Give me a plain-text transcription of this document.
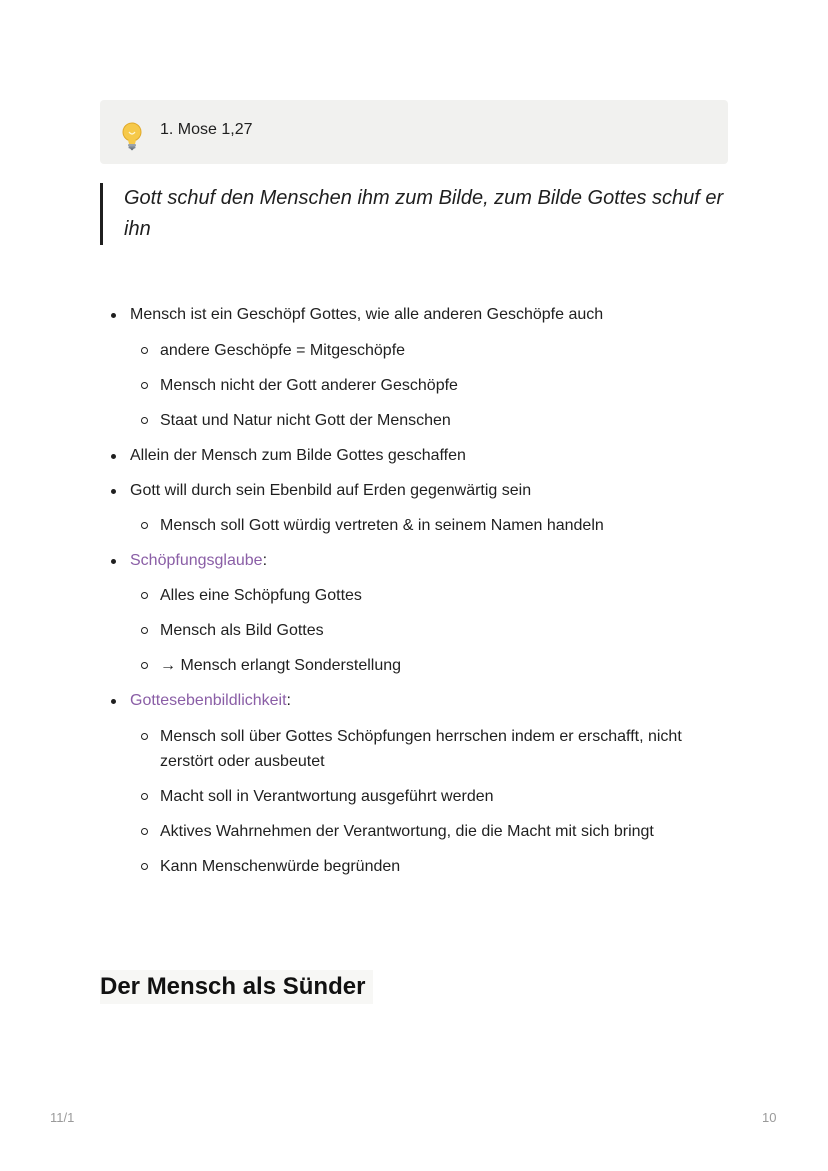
1. Mose 1,27
Gott schuf den Menschen ihm zum Bilde, zum Bilde Gottes schuf er ihn
Mensch ist ein Geschöpf Gottes, wie alle anderen Geschöpfe auch
andere Geschöpfe = Mitgeschöpfe
Mensch nicht der Gott anderer Geschöpfe
Staat und Natur nicht Gott der Menschen
Allein der Mensch zum Bilde Gottes geschaffen
Gott will durch sein Ebenbild auf Erden gegenwärtig sein
Mensch soll Gott würdig vertreten & in seinem Namen handeln
Schöpfungsglaube:
Alles eine Schöpfung Gottes
Mensch als Bild Gottes
→ Mensch erlangt Sonderstellung
Gottesebenbildlichkeit:
Mensch soll über Gottes Schöpfungen herrschen indem er erschafft, nicht
zerstört oder ausbeutet
Macht soll in Verantwortung ausgeführt werden
Aktives Wahrnehmen der Verantwortung, die die Macht mit sich bringt
Kann Menschenwürde begründen
Der Mensch als Sünder
11/1	10
